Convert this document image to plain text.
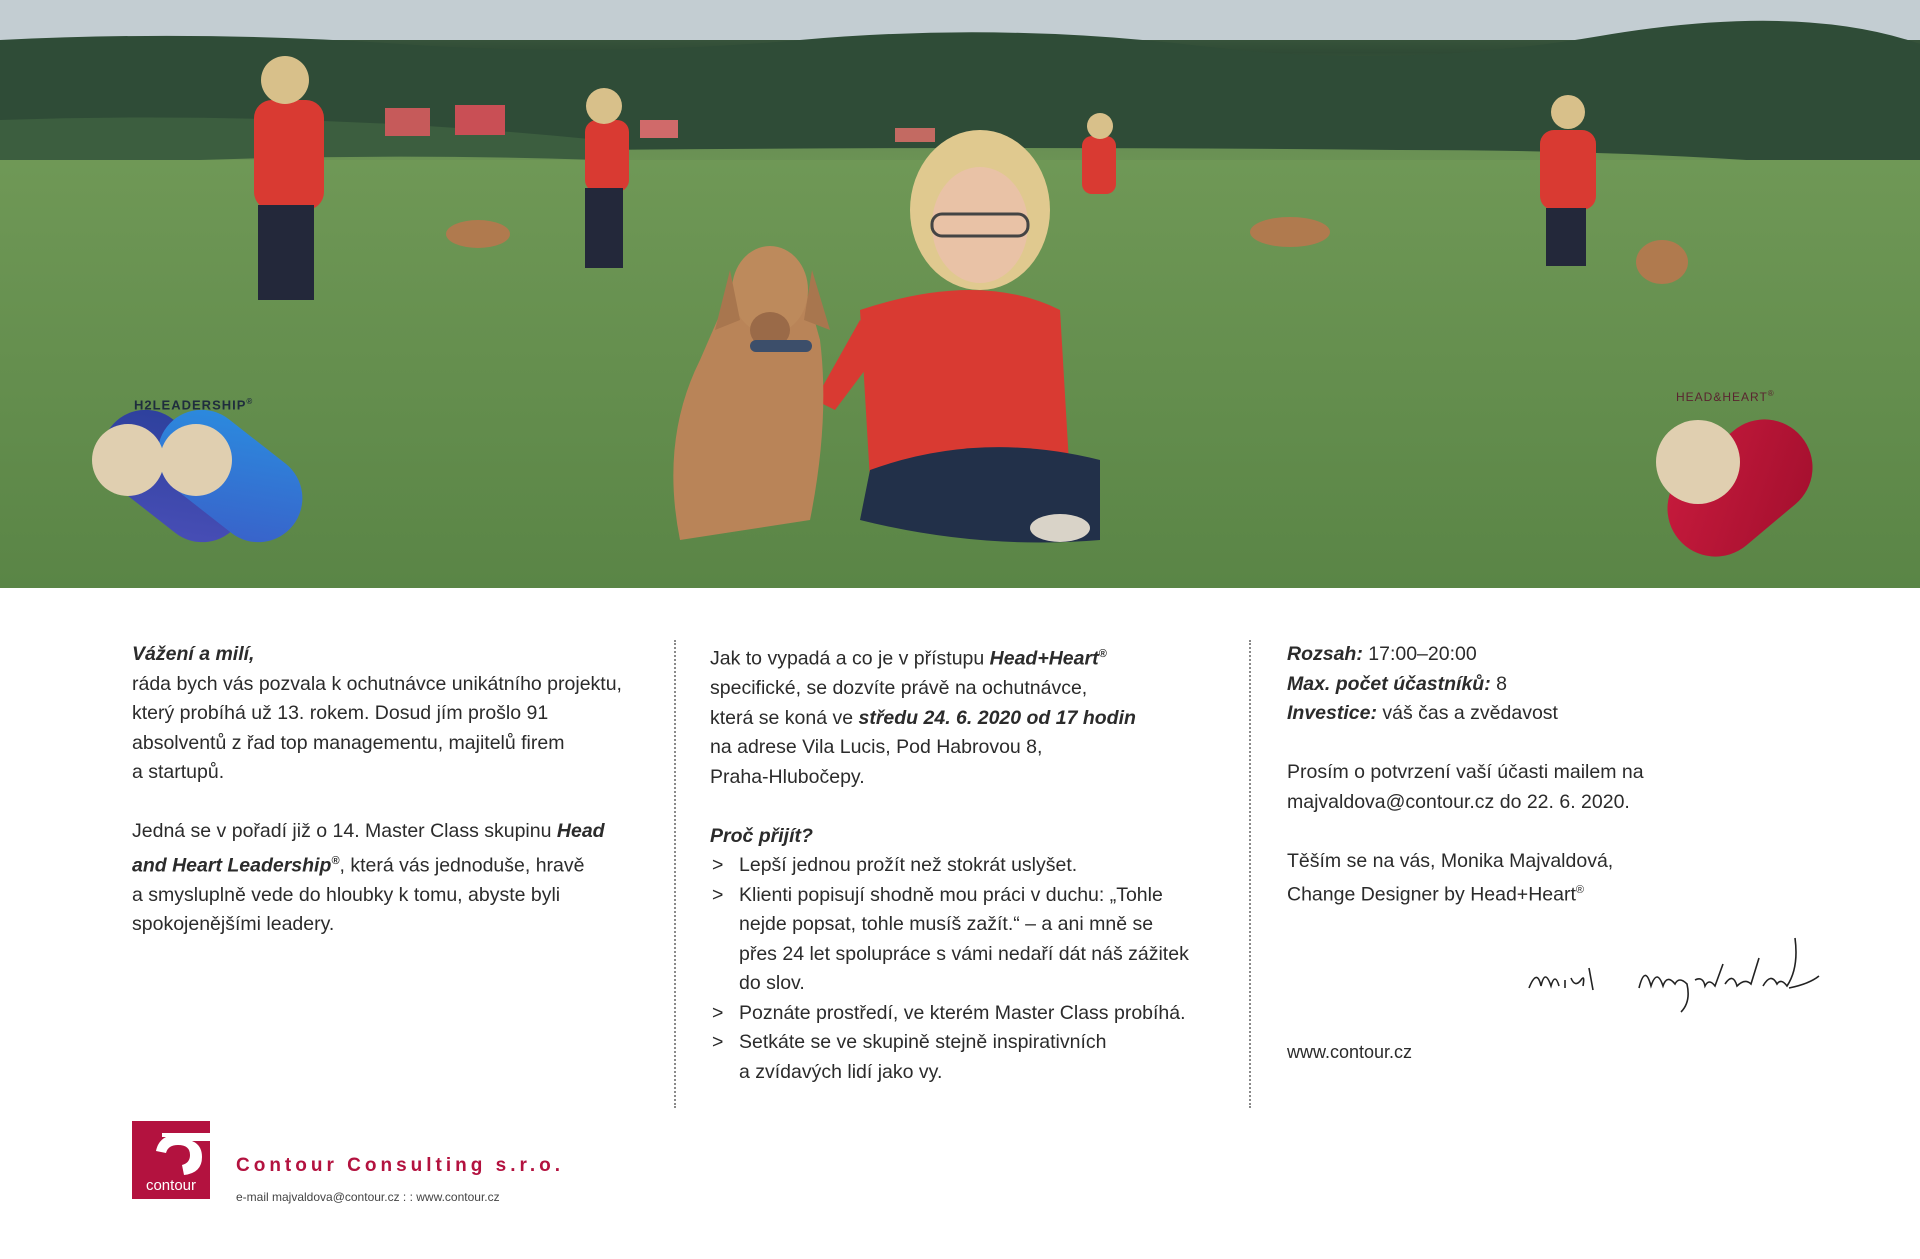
H2LEADERSHIP®	HEAD&HEART®

Vážení a milí,

ráda bych vás pozvala k ochutnávce unikátního projektu,

který probíhá už 13. rokem. Dosud jím prošlo 91

absolventů z řad top managementu, majitelů firem

a startupů.

Jedná se v pořadí již o 14. Master Class skupinu Head

and Heart Leadership®, která vás jednoduše, hravě

a smysluplně vede do hloubky k tomu, abyste byli

spokojenějšími leadery.

Jak to vypadá a co je v přístupu Head+Heart®

specifické, se dozvíte právě na ochutnávce,

která se koná ve středu 24. 6. 2020 od 17 hodin

na adrese Vila Lucis, Pod Habrovou 8,

Praha-Hlubočepy.

Proč přijít?

> Lepší jednou prožít než stokrát uslyšet.
> Klienti popisují shodně mou práci v duchu: „Tohle
nejde popsat, tohle musíš zažít.“ – a ani mně se
přes 24 let spolupráce s vámi nedaří dát náš zážitek
do slov.
> Poznáte prostředí, ve kterém Master Class probíhá.
> Setkáte se ve skupině stejně inspirativních
a zvídavých lidí jako vy.

Rozsah: 17:00–20:00

Max. počet účastníků: 8

Investice: váš čas a zvědavost

Prosím o potvrzení vaší účasti mailem na

majvaldova@contour.cz do 22. 6. 2020.

Těším se na vás, Monika Majvaldová,

Change Designer by Head+Heart®

www.contour.cz

contour
Contour Consulting s.r.o.
e-mail majvaldova@contour.cz : : www.contour.cz
